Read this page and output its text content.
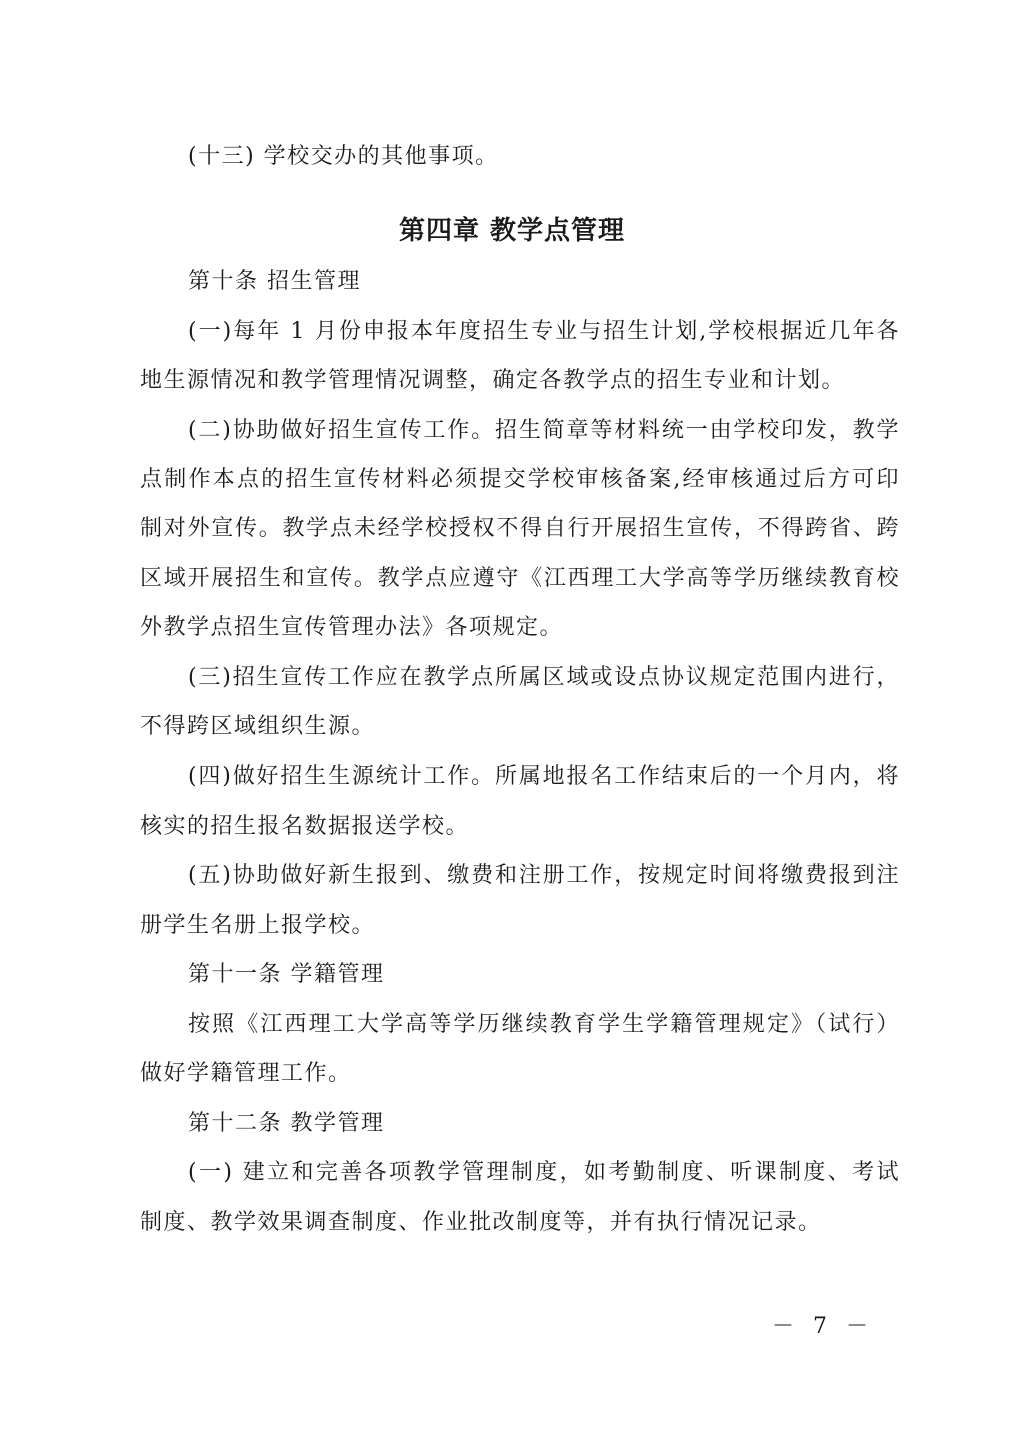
(十三) 学校交办的其他事项。
第四章 教学点管理
第十条 招生管理
(一)每年 1 月份申报本年度招生专业与招生计划,学校根据近几年各
地生源情况和教学管理情况调整，确定各教学点的招生专业和计划。
(二)协助做好招生宣传工作。招生简章等材料统一由学校印发，教学
点制作本点的招生宣传材料必须提交学校审核备案,经审核通过后方可印
制对外宣传。教学点未经学校授权不得自行开展招生宣传，不得跨省、跨
区域开展招生和宣传。教学点应遵守《江西理工大学高等学历继续教育校
外教学点招生宣传管理办法》各项规定。
(三)招生宣传工作应在教学点所属区域或设点协议规定范围内进行，
不得跨区域组织生源。
(四)做好招生生源统计工作。所属地报名工作结束后的一个月内，将
核实的招生报名数据报送学校。
(五)协助做好新生报到、缴费和注册工作，按规定时间将缴费报到注
册学生名册上报学校。
第十一条 学籍管理
按照《江西理工大学高等学历继续教育学生学籍管理规定》（试行）
做好学籍管理工作。
第十二条 教学管理
(一) 建立和完善各项教学管理制度，如考勤制度、听课制度、考试
制度、教学效果调查制度、作业批改制度等，并有执行情况记录。
－ 7 －
